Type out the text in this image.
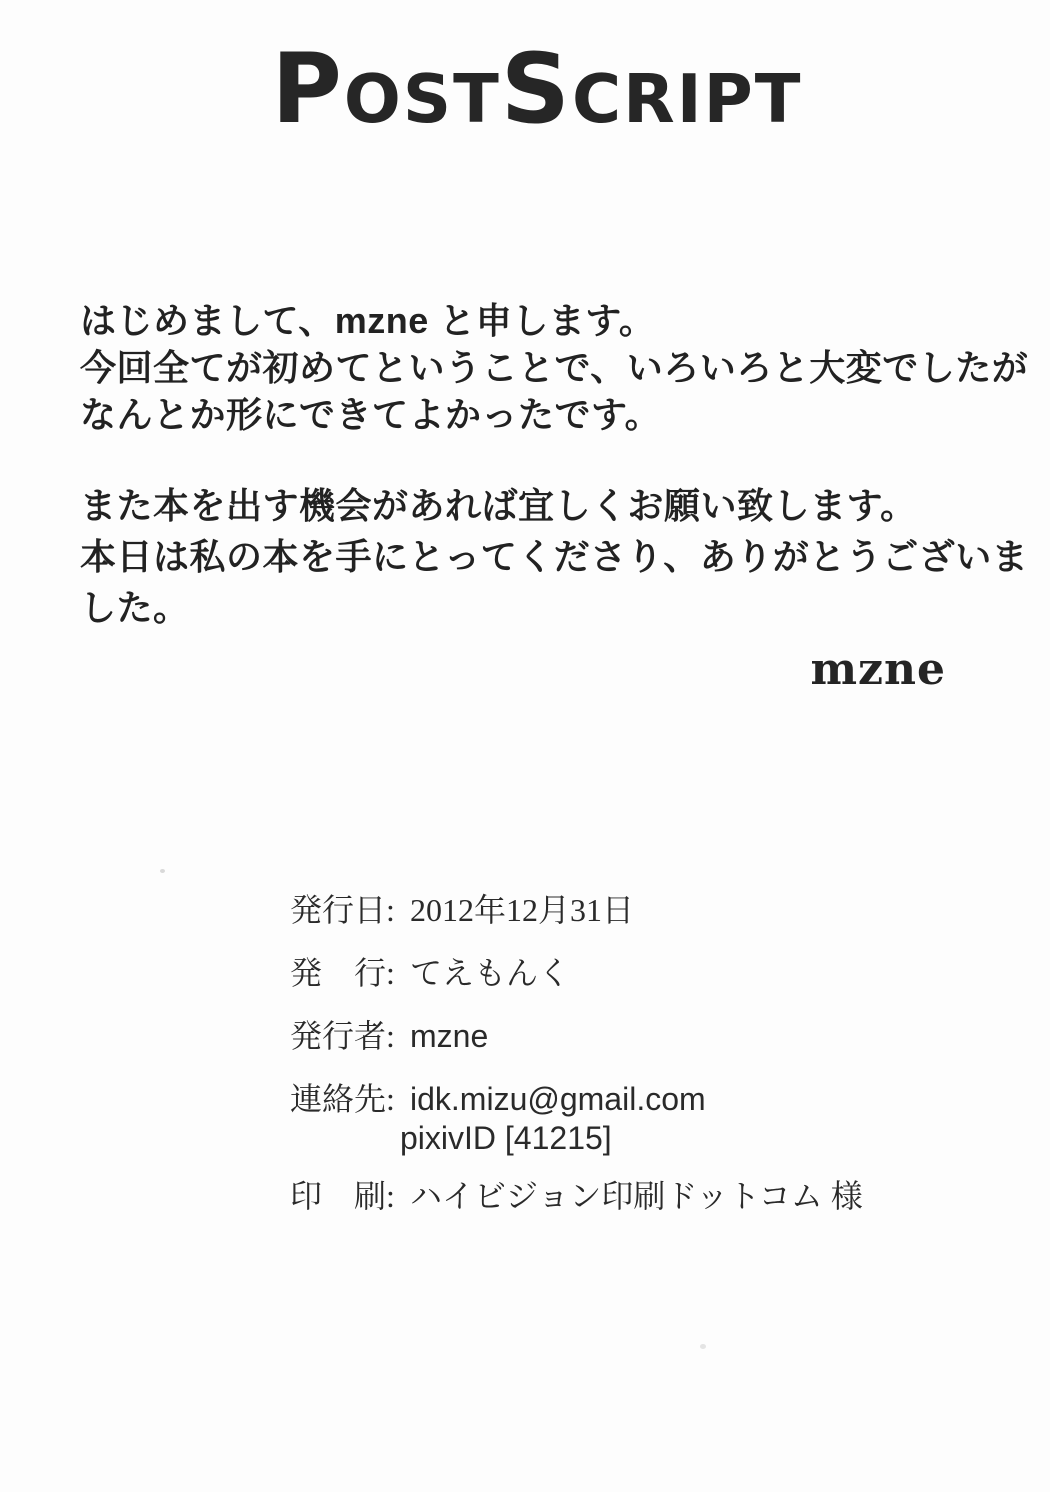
PostScript
はじめまして、mzne と申します。
今回全てが初めてということで、いろいろと大変でしたが
なんとか形にできてよかったです。
また本を出す機会があれば宜しくお願い致します。
本日は私の本を手にとってくださり、ありがとうございました。
mzne
発行日: 2012年12月31日
発　行: てえもんく
発行者: mzne
連絡先: idk.mizu@gmail.com
pixivID [41215]
印　刷: ハイビジョン印刷ドットコム 様
